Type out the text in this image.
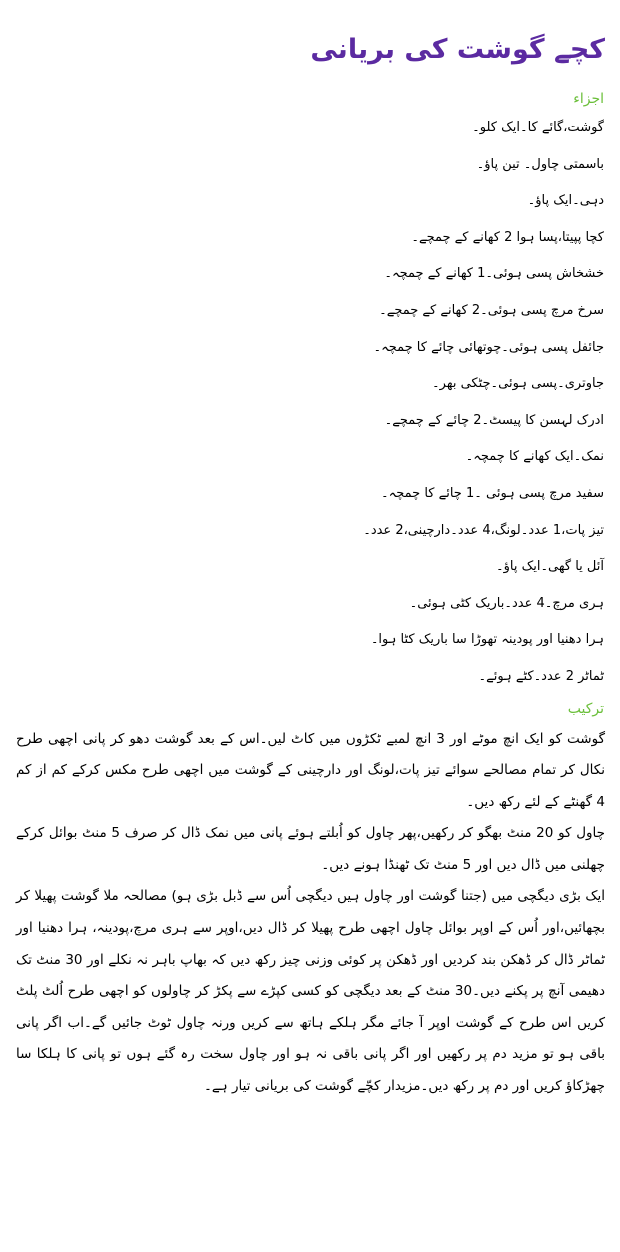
کچے گوشت کی بریانی
اجزاء
گوشت،گائے کا۔ایک کلو۔
باسمتی چاول۔ تین پاؤ۔
دہی۔ایک پاؤ۔
کچا پپیتا،پسا ہوا 2 کھانے کے چمچے۔
خشخاش پسی ہوئی۔1 کھانے کے چمچہ۔
سرخ مرچ پسی ہوئی۔2 کھانے کے چمچے۔
جائفل پسی ہوئی۔چوتھائی چائے کا چمچہ۔
جاوتری۔پسی ہوئی۔چٹکی بھر۔
ادرک لہسن کا پیسٹ۔2 چائے کے چمچے۔
نمک۔ایک کھانے کا چمچہ۔
سفید مرچ پسی ہوئی ۔1 چائے کا چمچہ۔
تیز پات،1 عدد۔لونگ،4 عدد۔دارچینی،2 عدد۔
آئل یا گھی۔ایک پاؤ۔
ہری مرچ۔4 عدد۔باریک کٹی ہوئی۔
ہرا دھنیا اور پودینہ تھوڑا سا باریک کٹا ہوا۔
ٹماٹر 2 عدد۔کٹے ہوئے۔
ترکیب

گوشت کو ایک انچ موٹے اور 3 انچ لمبے ٹکڑوں میں کاٹ لیں۔اس کے بعد گوشت دھو کر پانی اچھی طرح نکال کر تمام مصالحے سوائے تیز پات،لونگ اور دارچینی کے گوشت میں اچھی طرح مکس کرکے کم از کم 4 گھنٹے کے لئے رکھ دیں۔

چاول کو 20 منٹ بھگو کر رکھیں،پھر چاول کو اُبلتے ہوئے پانی میں نمک ڈال کر صرف 5 منٹ بوائل کرکے چھلنی میں ڈال دیں اور 5 منٹ تک ٹھنڈا ہونے دیں۔

ایک بڑی دیگچی میں (جتنا گوشت اور چاول ہیں دیگچی اُس سے ڈبل بڑی ہو) مصالحہ ملا گوشت پھیلا کر بچھائیں،اور اُس کے اوپر بوائل چاول اچھی طرح پھیلا کر ڈال دیں،اوپر سے ہری مرچ،پودینہ، ہرا دھنیا اور ٹماٹر ڈال کر ڈھکن بند کردیں اور ڈھکن پر کوئی وزنی چیز رکھ دیں کہ بھاپ باہر نہ نکلے اور 30 منٹ تک دھیمی آنچ پر پکنے دیں۔30 منٹ کے بعد دیگچی کو کسی کپڑے سے پکڑ کر چاولوں کو اچھی طرح اُلٹ پلٹ کریں اس طرح کے گوشت اوپر آ جائے مگر ہلکے ہاتھ سے کریں ورنہ چاول ٹوٹ جائیں گے۔اب اگر پانی باقی ہو تو مزید دم پر رکھیں اور اگر پانی باقی نہ ہو اور چاول سخت رہ گئے ہوں تو پانی کا ہلکا سا چھڑکاؤ کریں اور دم پر رکھ دیں۔مزیدار کچّے گوشت کی بریانی تیار ہے۔
